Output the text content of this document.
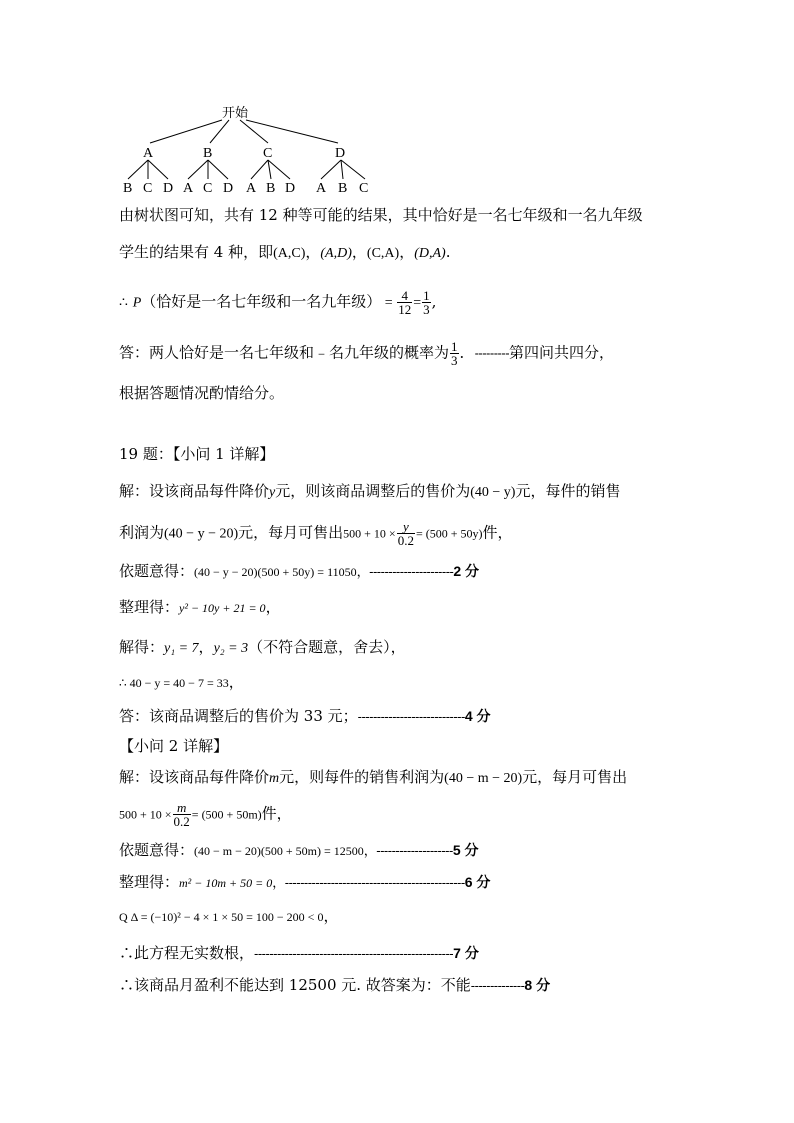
开始
A	B	C	D
B C D A C D A B D A B C
由树状图可知，共有 12 种等可能的结果，其中恰好是一名七年级和一名九年级
学生的结果有 4 种，即(A,C)，(A,D)，(C,A)，(D,A).
∴ P（恰好是一名七年级和一名九年级） = $\frac{4}{12} = \frac{1}{3}$ ,
答：两人恰好是一名七年级和﹣名九年级的概率为 $\frac{1}{3}$ ．---------第四问共四分，
根据答题情况酌情给分。
19 题：【小问 1 详解】
解：设该商品每件降价y元，则该商品调整后的售价为(40 − y)元，每件的销售
利润为(40 − y − 20)元，每月可售出$500 + 10 \times \frac{y}{0.2} = (500 + 50y)$件，
依题意得：(40 − y − 20)(500 + 50y) = 11050，----------------------2 分
整理得：y² − 10y + 21 = 0，
解得：y₁ = 7，y₂ = 3（不符合题意，舍去），
∴ 40 − y = 40 − 7 = 33，
答：该商品调整后的售价为 33 元；----------------------------4 分
【小问 2 详解】
解：设该商品每件降价m元，则每件的销售利润为(40 − m − 20)元，每月可售出
$500 + 10 \times \frac{m}{0.2} = (500 + 50m)$件，
依题意得：(40 − m − 20)(500 + 50m) = 12500，--------------------5 分
整理得：m² − 10m + 50 = 0，-----------------------------------------------6 分
Q Δ = (−10)² − 4 × 1 × 50 = 100 − 200 < 0，
∴此方程无实数根，----------------------------------------------------7 分
∴该商品月盈利不能达到 12500 元. 故答案为：不能--------------8 分
